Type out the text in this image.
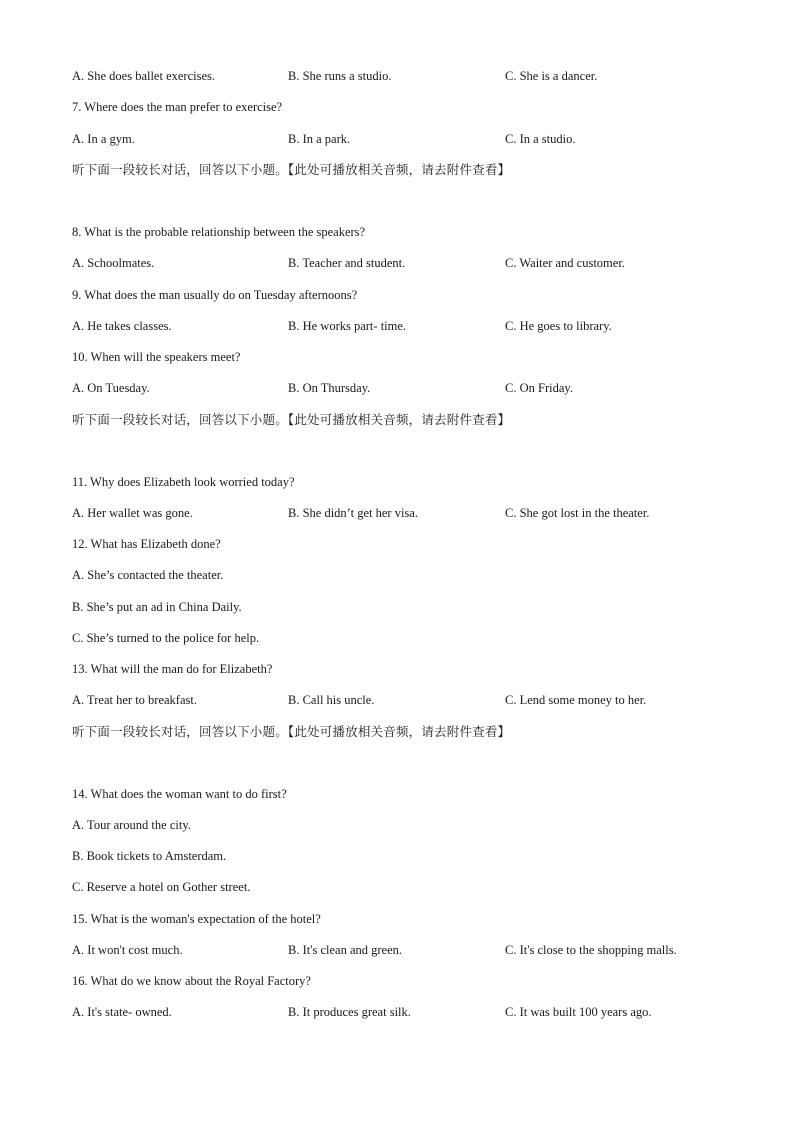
A. She does ballet exercises.	B. She runs a studio.	C. She is a dancer.
7. Where does the man prefer to exercise?
A. In a gym.	B. In a park.	C. In a studio.
听下面一段较长对话，回答以下小题。【此处可播放相关音频，请去附件查看】
8. What is the probable relationship between the speakers?
A. Schoolmates.	B. Teacher and student.	C. Waiter and customer.
9. What does the man usually do on Tuesday afternoons?
A. He takes classes.	B. He works part- time.	C. He goes to library.
10. When will the speakers meet?
A. On Tuesday.	B. On Thursday.	C. On Friday.
听下面一段较长对话，回答以下小题。【此处可播放相关音频，请去附件查看】
11. Why does Elizabeth look worried today?
A. Her wallet was gone.	B. She didn’t get her visa.	C. She got lost in the theater.
12. What has Elizabeth done?
A. She’s contacted the theater.
B. She’s put an ad in China Daily.
C. She’s turned to the police for help.
13. What will the man do for Elizabeth?
A. Treat her to breakfast.	B. Call his uncle.	C. Lend some money to her.
听下面一段较长对话，回答以下小题。【此处可播放相关音频，请去附件查看】
14. What does the woman want to do first?
A. Tour around the city.
B. Book tickets to Amsterdam.
C. Reserve a hotel on Gother street.
15. What is the woman's expectation of the hotel?
A. It won't cost much.	B. It's clean and green.	C. It's close to the shopping malls.
16. What do we know about the Royal Factory?
A. It's state- owned.	B. It produces great silk.	C. It was built 100 years ago.
